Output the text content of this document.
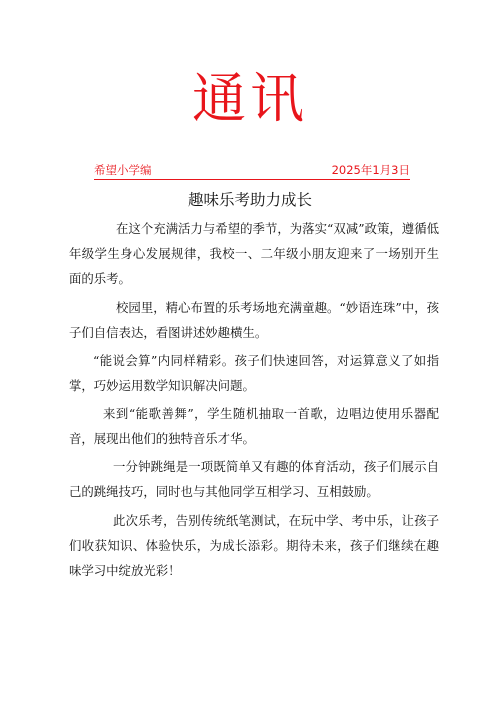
通讯
希望小学编	2025年1月3日
趣味乐考助力成长

在这个充满活力与希望的季节，为落实“双减”政策，遵循低年级学生身心发展规律，我校一、二年级小朋友迎来了一场别开生面的乐考。

校园里，精心布置的乐考场地充满童趣。“妙语连珠”中，孩子们自信表达，看图讲述妙趣横生。

“能说会算”内同样精彩。孩子们快速回答，对运算意义了如指掌，巧妙运用数学知识解决问题。

来到“能歌善舞”，学生随机抽取一首歌，边唱边使用乐器配音，展现出他们的独特音乐才华。

一分钟跳绳是一项既简单又有趣的体育活动，孩子们展示自己的跳绳技巧，同时也与其他同学互相学习、互相鼓励。

此次乐考，告别传统纸笔测试，在玩中学、考中乐，让孩子们收获知识、体验快乐，为成长添彩。期待未来，孩子们继续在趣味学习中绽放光彩！
